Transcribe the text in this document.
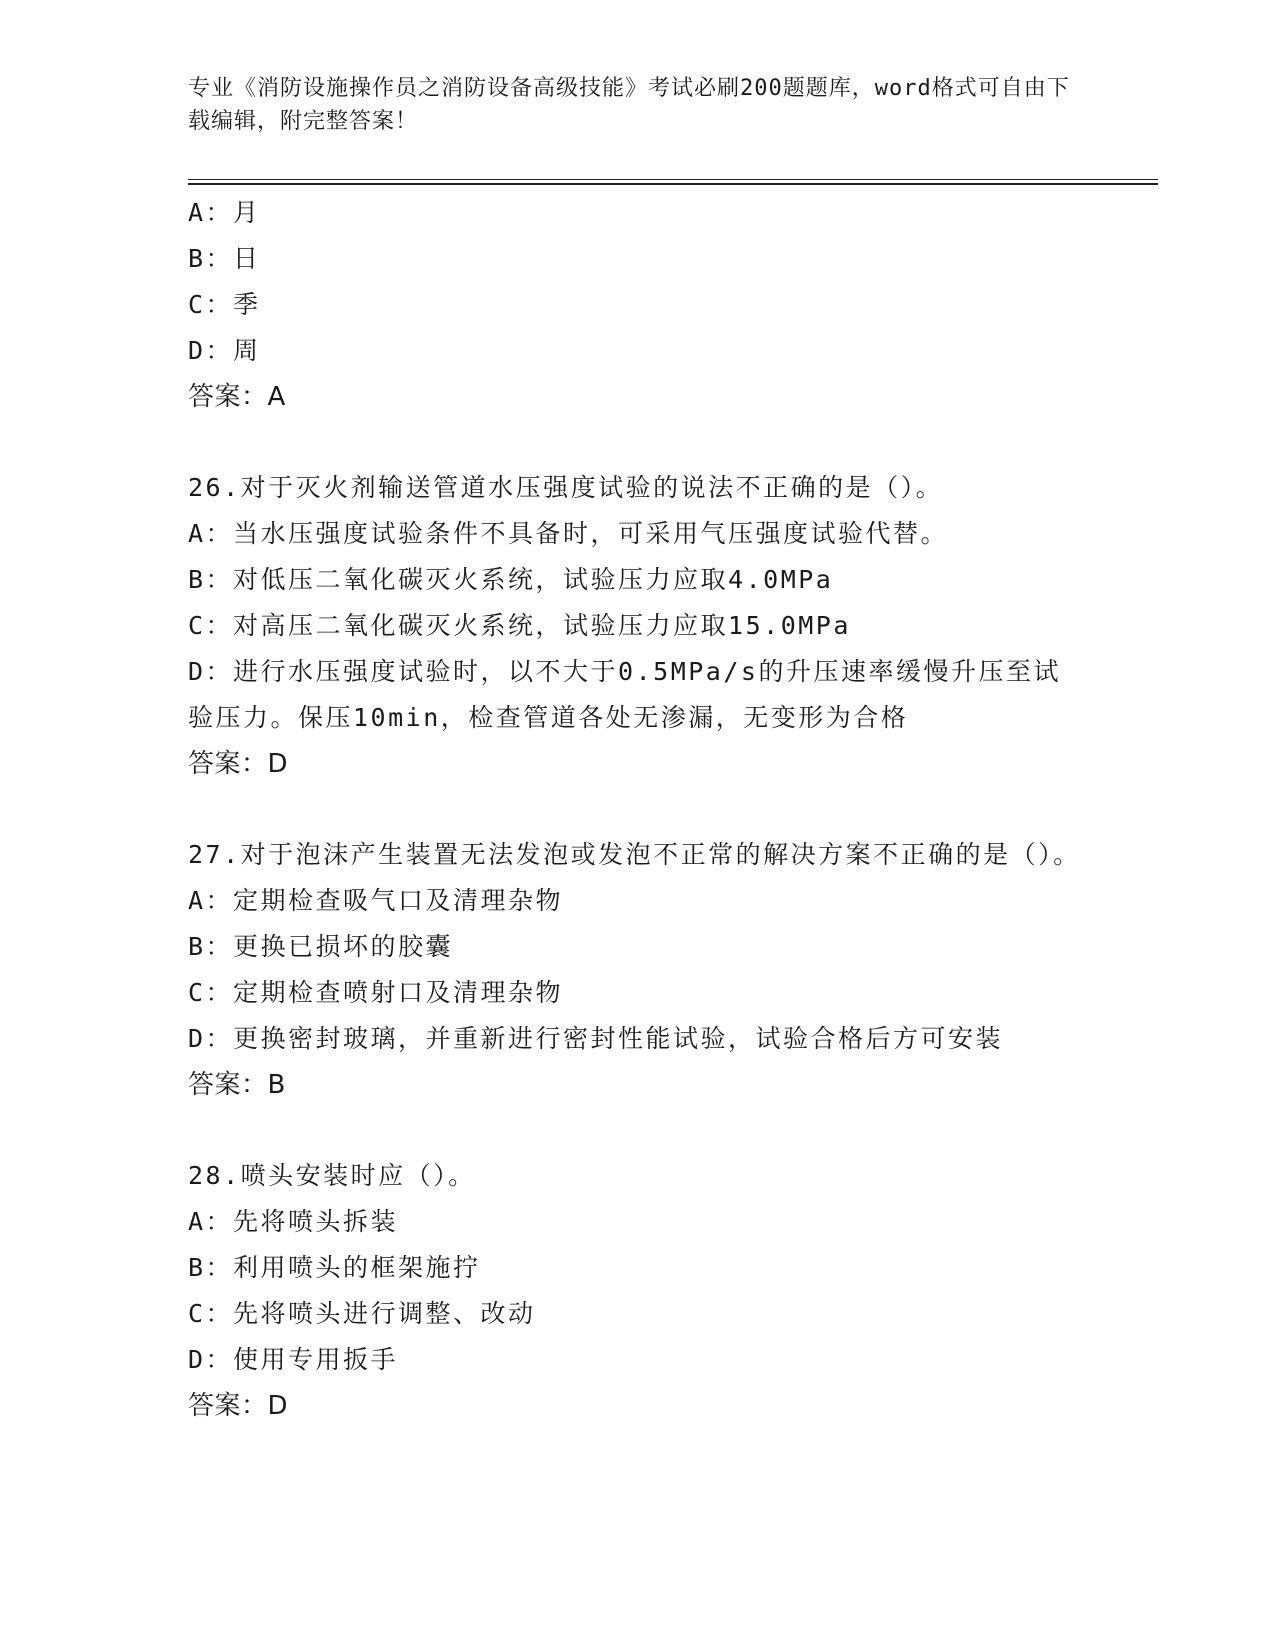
专业《消防设施操作员之消防设备高级技能》考试必刷200题题库，word格式可自由下载编辑，附完整答案！
A：月
B：日
C：季
D：周
答案：A
26.对于灭火剂输送管道水压强度试验的说法不正确的是（）。
A：当水压强度试验条件不具备时，可采用气压强度试验代替。
B：对低压二氧化碳灭火系统，试验压力应取4.0MPa
C：对高压二氧化碳灭火系统，试验压力应取15.0MPa
D：进行水压强度试验时，以不大于0.5MPa/s的升压速率缓慢升压至试验压力。保压10min，检查管道各处无渗漏，无变形为合格
答案：D
27.对于泡沫产生装置无法发泡或发泡不正常的解决方案不正确的是（）。
A：定期检查吸气口及清理杂物
B：更换已损坏的胶囊
C：定期检查喷射口及清理杂物
D：更换密封玻璃，并重新进行密封性能试验，试验合格后方可安装
答案：B
28.喷头安装时应（）。
A：先将喷头拆装
B：利用喷头的框架施拧
C：先将喷头进行调整、改动
D：使用专用扳手
答案：D
